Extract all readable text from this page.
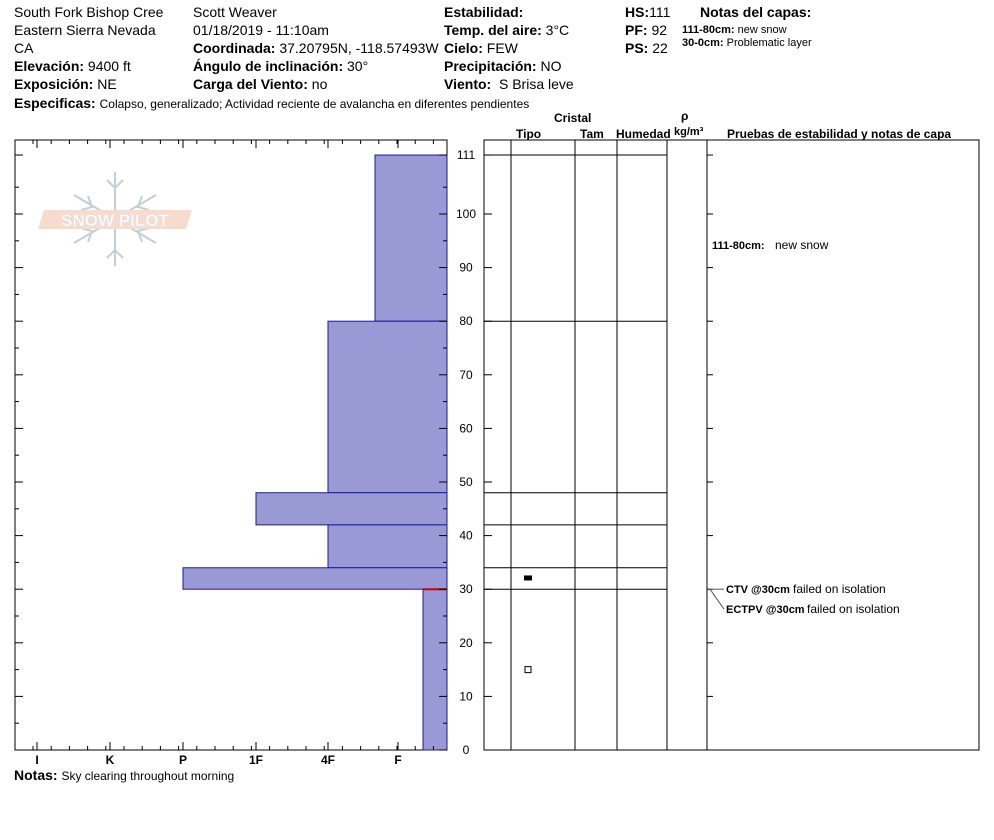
South Fork Bishop Cree
Eastern Sierra Nevada
CA
Elevación: 9400 ft
Exposición: NE
Scott Weaver
01/18/2019 - 11:10am
Coordinada: 37.20795N, -118.57493W
Ángulo de inclinación: 30°
Carga del Viento: no
Estabilidad:
Temp. del aire: 3°C
Cielo: FEW
Precipitación: NO
Viento: S Brisa leve
HS:111
PF: 92
PS: 22
Notas del capas:
111-80cm: new snow
30-0cm: Problematic layer
Especificas: Colapso, generalizado; Actividad reciente de avalancha en diferentes pendientes
Cristal
Tipo	Tam Humedad
ρ
kg/m³ Pruebas de estabilidad y notas de capa
Notas: Sky clearing throughout morning
SNOW PILOT
I	K	P	1F	4F	F
0
10
20
30
40
50
60
70
80
90
100
111
CTV @30cm failed on isolation
ECTPV @30cm failed on isolation
111-80cm: new snow
